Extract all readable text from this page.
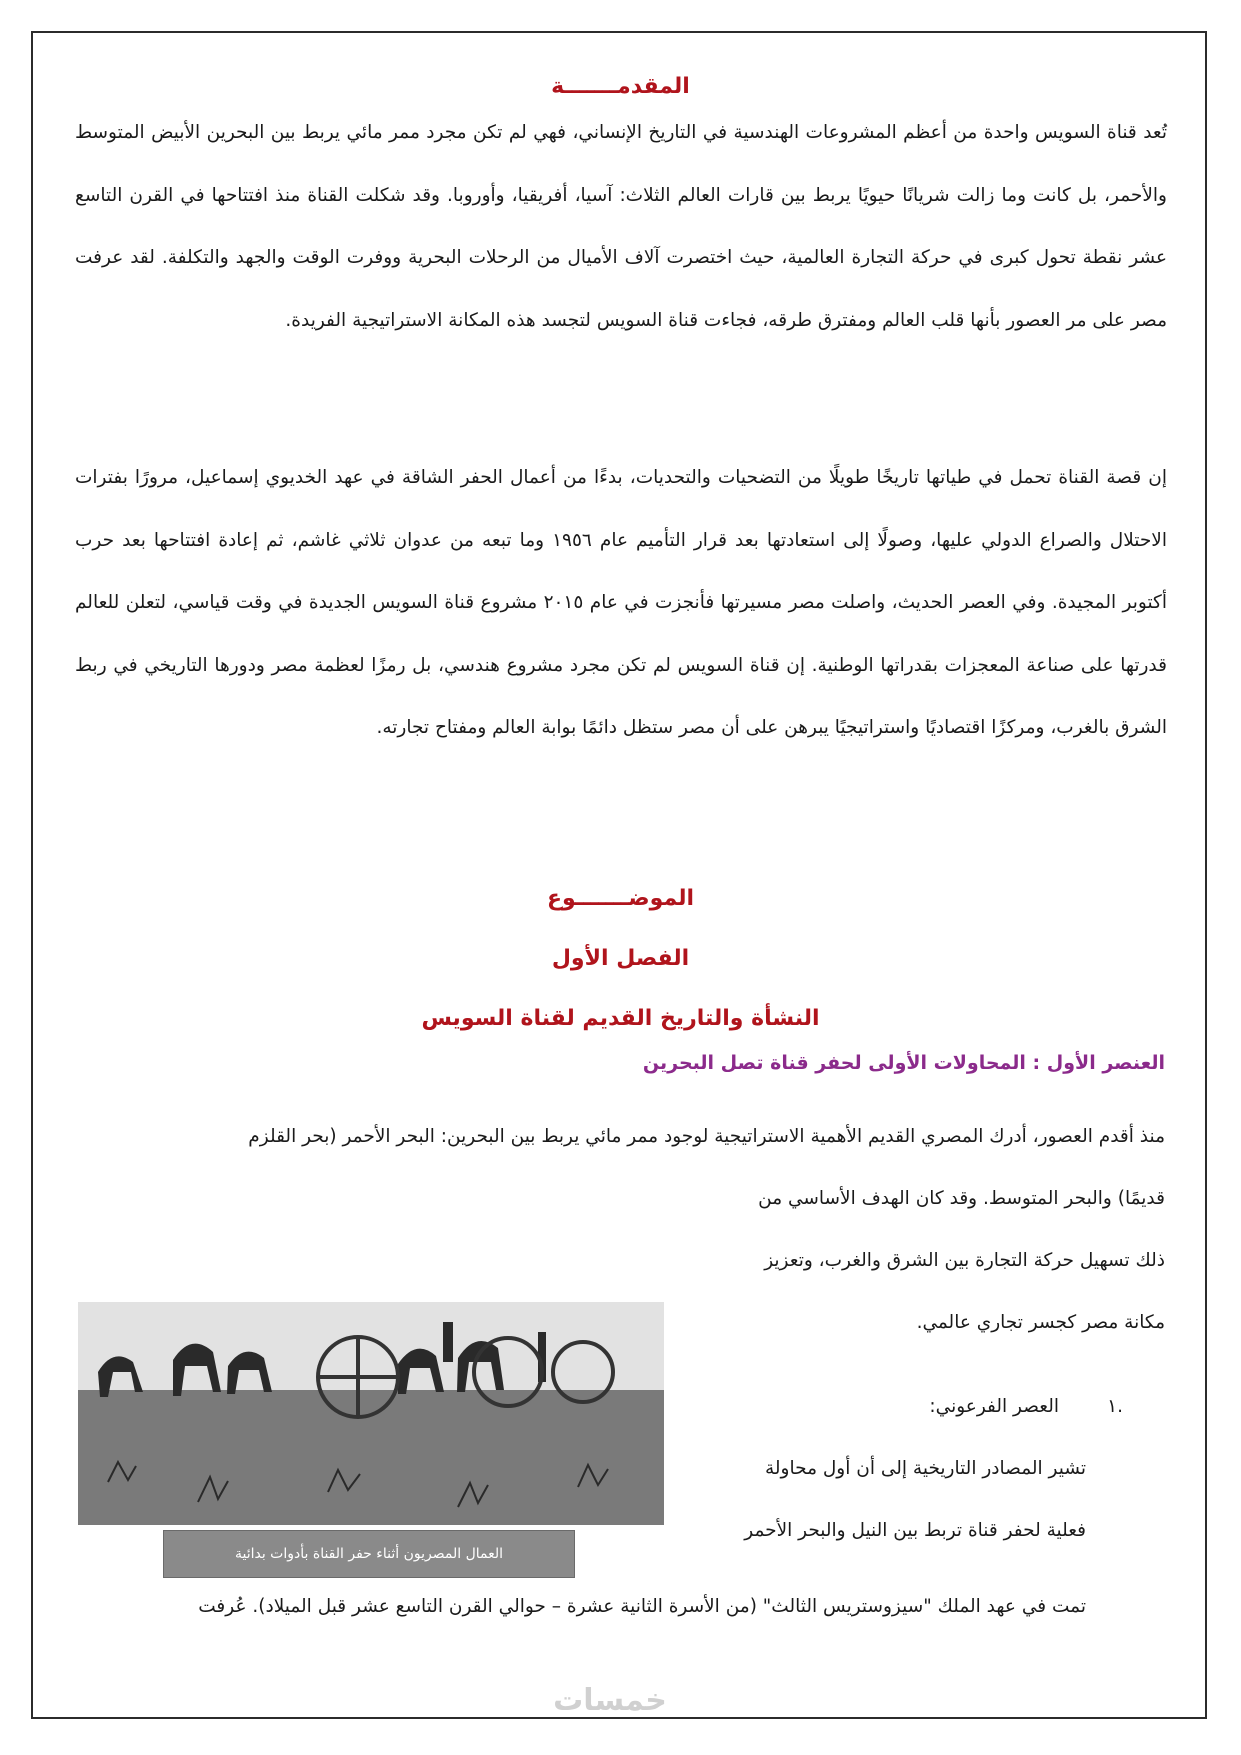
المقدمـــــــة

تُعد قناة السويس واحدة من أعظم المشروعات الهندسية في التاريخ الإنساني، فهي لم تكن مجرد ممر مائي يربط بين البحرين الأبيض المتوسط والأحمر، بل كانت وما زالت شريانًا حيويًا يربط بين قارات العالم الثلاث: آسيا، أفريقيا، وأوروبا. وقد شكلت القناة منذ افتتاحها في القرن التاسع عشر نقطة تحول كبرى في حركة التجارة العالمية، حيث اختصرت آلاف الأميال من الرحلات البحرية ووفرت الوقت والجهد والتكلفة. لقد عرفت مصر على مر العصور بأنها قلب العالم ومفترق طرقه، فجاءت قناة السويس لتجسد هذه المكانة الاستراتيجية الفريدة.

إن قصة القناة تحمل في طياتها تاريخًا طويلًا من التضحيات والتحديات، بدءًا من أعمال الحفر الشاقة في عهد الخديوي إسماعيل، مرورًا بفترات الاحتلال والصراع الدولي عليها، وصولًا إلى استعادتها بعد قرار التأميم عام ١٩٥٦ وما تبعه من عدوان ثلاثي غاشم، ثم إعادة افتتاحها بعد حرب أكتوبر المجيدة. وفي العصر الحديث، واصلت مصر مسيرتها فأنجزت في عام ٢٠١٥ مشروع قناة السويس الجديدة في وقت قياسي، لتعلن للعالم قدرتها على صناعة المعجزات بقدراتها الوطنية. إن قناة السويس لم تكن مجرد مشروع هندسي، بل رمزًا لعظمة مصر ودورها التاريخي في ربط الشرق بالغرب، ومركزًا اقتصاديًا واستراتيجيًا يبرهن على أن مصر ستظل دائمًا بوابة العالم ومفتاح تجارته.

الموضـــــــوع
الفصل الأول
النشأة والتاريخ القديم لقناة السويس
العنصر الأول : المحاولات الأولى لحفر قناة تصل البحرين

منذ أقدم العصور، أدرك المصري القديم الأهمية الاستراتيجية لوجود ممر مائي يربط بين البحرين: البحر الأحمر (بحر القلزم

قديمًا) والبحر المتوسط. وقد كان الهدف الأساسي من

ذلك تسهيل حركة التجارة بين الشرق والغرب، وتعزيز

مكانة مصر كجسر تجاري عالمي.

.١
العصر الفرعوني:

تشير المصادر التاريخية إلى أن أول محاولة

فعلية لحفر قناة تربط بين النيل والبحر الأحمر

تمت في عهد الملك "سيزوستريس الثالث" (من الأسرة الثانية عشرة – حوالي القرن التاسع عشر قبل الميلاد). عُرفت

العمال المصريون أثناء حفر القناة بأدوات بدائية
خمسات
